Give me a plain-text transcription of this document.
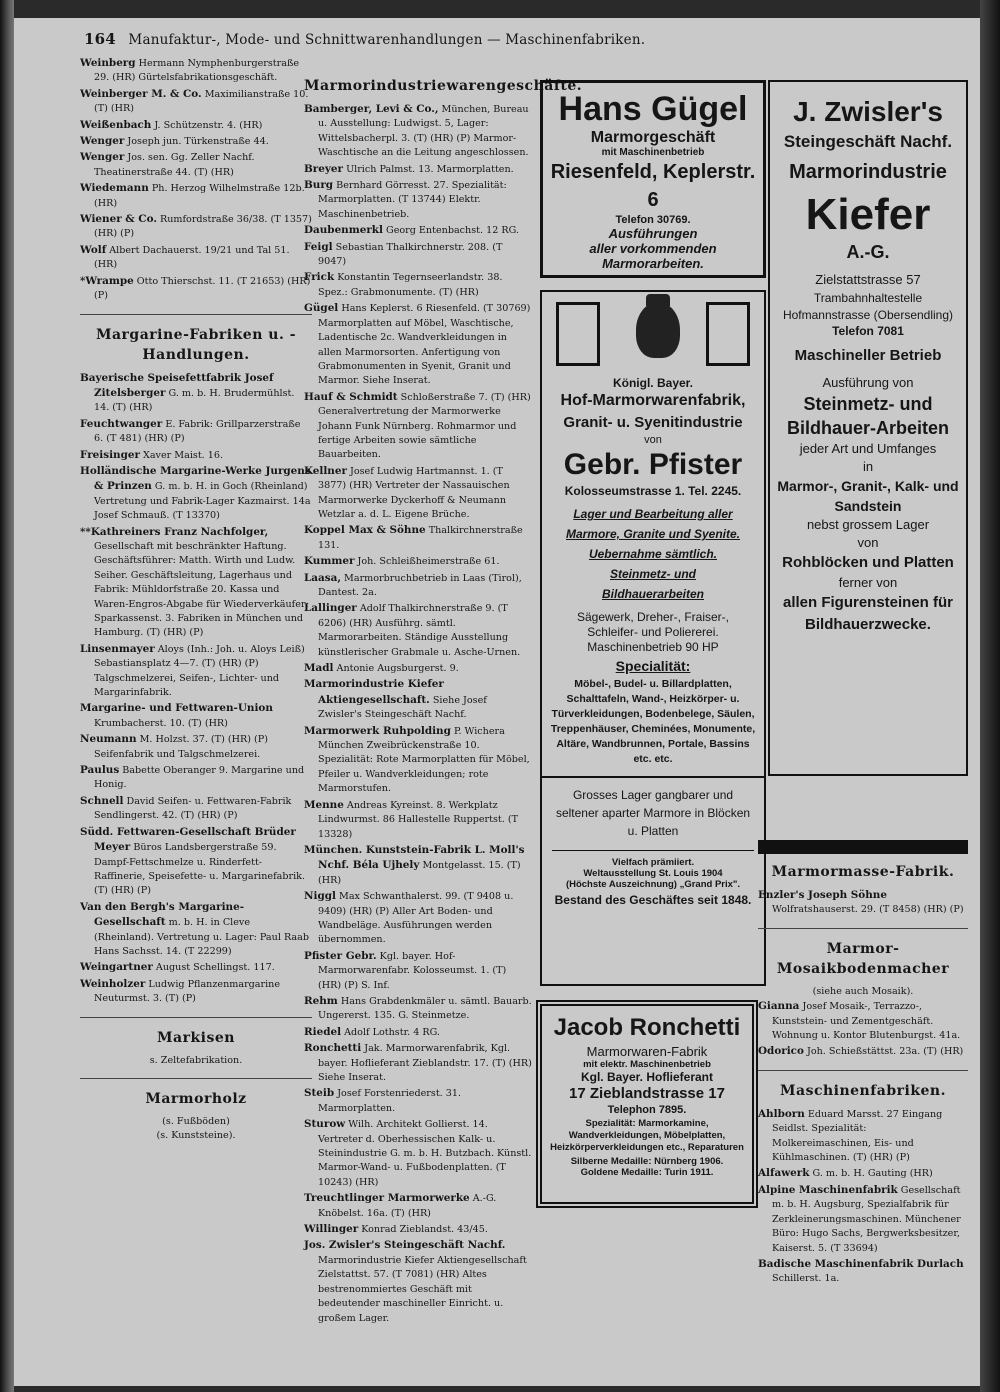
164 Manufaktur-, Mode- und Schnittwarenhandlungen — Maschinenfabriken.
Weinberg Hermann Nymphenburgerstraße 29. (HR) Gürtelsfabrikationsgeschäft.
Weinberger M. & Co. Maximilianstraße 10. (T) (HR)
Weißenbach J. Schützenstr. 4. (HR)
Wenger Joseph jun. Türkenstraße 44.
Wenger Jos. sen. Gg. Zeller Nachf. Theatinerstraße 44. (T) (HR)
Wiedemann Ph. Herzog Wilhelmstraße 12b. (HR)
Wiener & Co. Rumfordstraße 36/38. (T 1357) (HR) (P)
Wolf Albert Dachauerst. 19/21 und Tal 51. (HR)
*Wrampe Otto Thierschst. 11. (T 21653) (HR) (P)
Margarine-Fabriken u. -Handlungen.
Bayerische Speisefettfabrik Josef Zitelsberger G. m. b. H. Brudermühlst. 14. (T) (HR)
Feuchtwanger E. Fabrik: Grillparzerstraße 6. (T 481) (HR) (P)
Freisinger Xaver Maist. 16.
Holländische Margarine-Werke Jurgens & Prinzen G. m. b. H. in Goch (Rheinland) Vertretung und Fabrik-Lager Kazmairst. 14a Josef Schmauß. (T 13370)
**Kathreiners Franz Nachfolger, Gesellschaft mit beschränkter Haftung. Geschäftsführer: Matth. Wirth und Ludw. Seiher. Geschäftsleitung, Lagerhaus und Fabrik: Mühldorfstraße 20. Kassa und Waren-Engros-Abgabe für Wiederverkäufer: Sparkassenst. 3. Fabriken in München und Hamburg. (T) (HR) (P)
Linsenmayer Aloys (Inh.: Joh. u. Aloys Leiß) Sebastiansplatz 4—7. (T) (HR) (P) Talgschmelzerei, Seifen-, Lichter- und Margarinfabrik.
Margarine- und Fettwaren-Union Krumbacherst. 10. (T) (HR)
Neumann M. Holzst. 37. (T) (HR) (P) Seifenfabrik und Talgschmelzerei.
Paulus Babette Oberanger 9. Margarine und Honig.
Schnell David Seifen- u. Fettwaren-Fabrik Sendlingerst. 42. (T) (HR) (P)
Südd. Fettwaren-Gesellschaft Brüder Meyer Büros Landsbergerstraße 59. Dampf-Fettschmelze u. Rinderfett-Raffinerie, Speisefette- u. Margarinefabrik. (T) (HR) (P)
Van den Bergh's Margarine-Gesellschaft m. b. H. in Cleve (Rheinland). Vertretung u. Lager: Paul Raab Hans Sachsst. 14. (T 22299)
Weingartner August Schellingst. 117.
Weinholzer Ludwig Pflanzenmargarine Neuturmst. 3. (T) (P)
Markisen
s. Zeltefabrikation.
Marmorholz
(s. Fußböden)
(s. Kunststeine).
Marmorindustriewarengeschäfte.
Bamberger, Levi & Co., München, Bureau u. Ausstellung: Ludwigst. 5, Lager: Wittelsbacherpl. 3. (T) (HR) (P) Marmor-Waschtische an die Leitung angeschlossen.
Breyer Ulrich Palmst. 13. Marmorplatten.
Burg Bernhard Görresst. 27. Spezialität: Marmorplatten. (T 13744) Elektr. Maschinenbetrieb.
Daubenmerkl Georg Entenbachst. 12 RG.
Feigl Sebastian Thalkirchnerstr. 208. (T 9047)
Frick Konstantin Tegernseerlandstr. 38. Spez.: Grabmonumente. (T) (HR)
Gügel Hans Keplerst. 6 Riesenfeld. (T 30769) Marmorplatten auf Möbel, Waschtische, Ladentische 2c. Wandverkleidungen in allen Marmorsorten. Anfertigung von Grabmonumenten in Syenit, Granit und Marmor. Siehe Inserat.
Hauf & Schmidt Schloßerstraße 7. (T) (HR) Generalvertretung der Marmorwerke Johann Funk Nürnberg. Rohmarmor und fertige Arbeiten sowie sämtliche Bauarbeiten.
Kellner Josef Ludwig Hartmannst. 1. (T 3877) (HR) Vertreter der Nassauischen Marmorwerke Dyckerhoff & Neumann Wetzlar a. d. L. Eigene Brüche.
Koppel Max & Söhne Thalkirchnerstraße 131.
Kummer Joh. Schleißheimerstraße 61.
Laasa, Marmorbruchbetrieb in Laas (Tirol), Dantest. 2a.
Lallinger Adolf Thalkirchnerstraße 9. (T 6206) (HR) Ausführg. sämtl. Marmorarbeiten. Ständige Ausstellung künstlerischer Grabmale u. Asche-Urnen.
Madl Antonie Augsburgerst. 9.
Marmorindustrie Kiefer Aktiengesellschaft. Siehe Josef Zwisler's Steingeschäft Nachf.
Marmorwerk Ruhpolding P. Wichera München Zweibrückenstraße 10. Spezialität: Rote Marmorplatten für Möbel, Pfeiler u. Wandverkleidungen; rote Marmorstufen.
Menne Andreas Kyreinst. 8. Werkplatz Lindwurmst. 86 Hallestelle Ruppertst. (T 13328)
München. Kunststein-Fabrik L. Moll's Nchf. Béla Ujhely Montgelasst. 15. (T) (HR)
Niggl Max Schwanthalerst. 99. (T 9408 u. 9409) (HR) (P) Aller Art Boden- und Wandbeläge. Ausführungen werden übernommen.
Pfister Gebr. Kgl. bayer. Hof-Marmorwarenfabr. Kolosseumst. 1. (T) (HR) (P) S. Inf.
Rehm Hans Grabdenkmäler u. sämtl. Bauarb. Ungererst. 135. G. Steinmetze.
Riedel Adolf Lothstr. 4 RG.
Ronchetti Jak. Marmorwarenfabrik, Kgl. bayer. Hoflieferant Zieblandstr. 17. (T) (HR) Siehe Inserat.
Steib Josef Forstenriederst. 31. Marmorplatten.
Sturow Wilh. Architekt Gollierst. 14. Vertreter d. Oberhessischen Kalk- u. Steinindustrie G. m. b. H. Butzbach. Künstl. Marmor-Wand- u. Fußbodenplatten. (T 10243) (HR)
Treuchtlinger Marmorwerke A.-G. Knöbelst. 16a. (T) (HR)
Willinger Konrad Zieblandst. 43/45.
Jos. Zwisler's Steingeschäft Nachf. Marmorindustrie Kiefer Aktiengesellschaft Zielstattst. 57. (T 7081) (HR) Altes bestrenommiertes Geschäft mit bedeutender maschineller Einricht. u. großem Lager.
Hans Gügel
Marmorgeschäft
mit Maschinenbetrieb
Riesenfeld, Keplerstr. 6
Telefon 30769.
Ausführungen
aller vorkommenden
Marmorarbeiten.
J. Zwisler's
Steingeschäft Nachf.
Marmorindustrie
Kiefer
A.-G.
Zielstattstrasse 57
Trambahnhaltestelle Hofmannstrasse (Obersendling)
Telefon 7081
Maschineller Betrieb
Ausführung von
Steinmetz- und Bildhauer-Arbeiten
jeder Art und Umfanges
in
Marmor-, Granit-, Kalk- und Sandstein
nebst grossem Lager
von
Rohblöcken und Platten
ferner von
allen Figurensteinen für Bildhauerzwecke.
Königl. Bayer.
Hof-Marmorwarenfabrik,
Granit- u. Syenitindustrie
von
Gebr. Pfister
Kolosseumstrasse 1. Tel. 2245.
Lager und Bearbeitung aller Marmore, Granite und Syenite. Uebernahme sämtlich. Steinmetz- und Bildhauerarbeiten
Sägewerk, Dreher-, Fraiser-, Schleifer- und Poliererei. Maschinenbetrieb 90 HP
Specialität:
Möbel-, Budel- u. Billardplatten, Schalttafeln, Wand-, Heizkörper- u. Türverkleidungen, Bodenbelege, Säulen, Treppenhäuser, Cheminées, Monumente, Altäre, Wandbrunnen, Portale, Bassins etc. etc.
Grosses Lager gangbarer und seltener aparter Marmore in Blöcken u. Platten
Vielfach prämiiert.
Weltausstellung St. Louis 1904
(Höchste Auszeichnung) „Grand Prix".
Bestand des Geschäftes seit 1848.
Jacob Ronchetti
Marmorwaren-Fabrik
mit elektr. Maschinenbetrieb
Kgl. Bayer. Hoflieferant
17 Zieblandstrasse 17
Telephon 7895.
Spezialität: Marmorkamine, Wandverkleidungen, Möbelplatten, Heizkörperverkleidungen etc., Reparaturen
Silberne Medaille: Nürnberg 1906.
Goldene Medaille: Turin 1911.
Marmormasse-Fabrik.
Enzler's Joseph Söhne Wolfratshauserst. 29. (T 8458) (HR) (P)
Marmor-Mosaikbodenmacher
(siehe auch Mosaik).
Gianna Josef Mosaik-, Terrazzo-, Kunststein- und Zementgeschäft. Wohnung u. Kontor Blutenburgst. 41a.
Odorico Joh. Schießstättst. 23a. (T) (HR)
Maschinenfabriken.
Ahlborn Eduard Marsst. 27 Eingang Seidlst. Spezialität: Molkereimaschinen, Eis- und Kühlmaschinen. (T) (HR) (P)
Alfawerk G. m. b. H. Gauting (HR)
Alpine Maschinenfabrik Gesellschaft m. b. H. Augsburg, Spezialfabrik für Zerkleinerungsmaschinen. Münchener Büro: Hugo Sachs, Bergwerksbesitzer, Kaiserst. 5. (T 33694)
Badische Maschinenfabrik Durlach Schillerst. 1a.
